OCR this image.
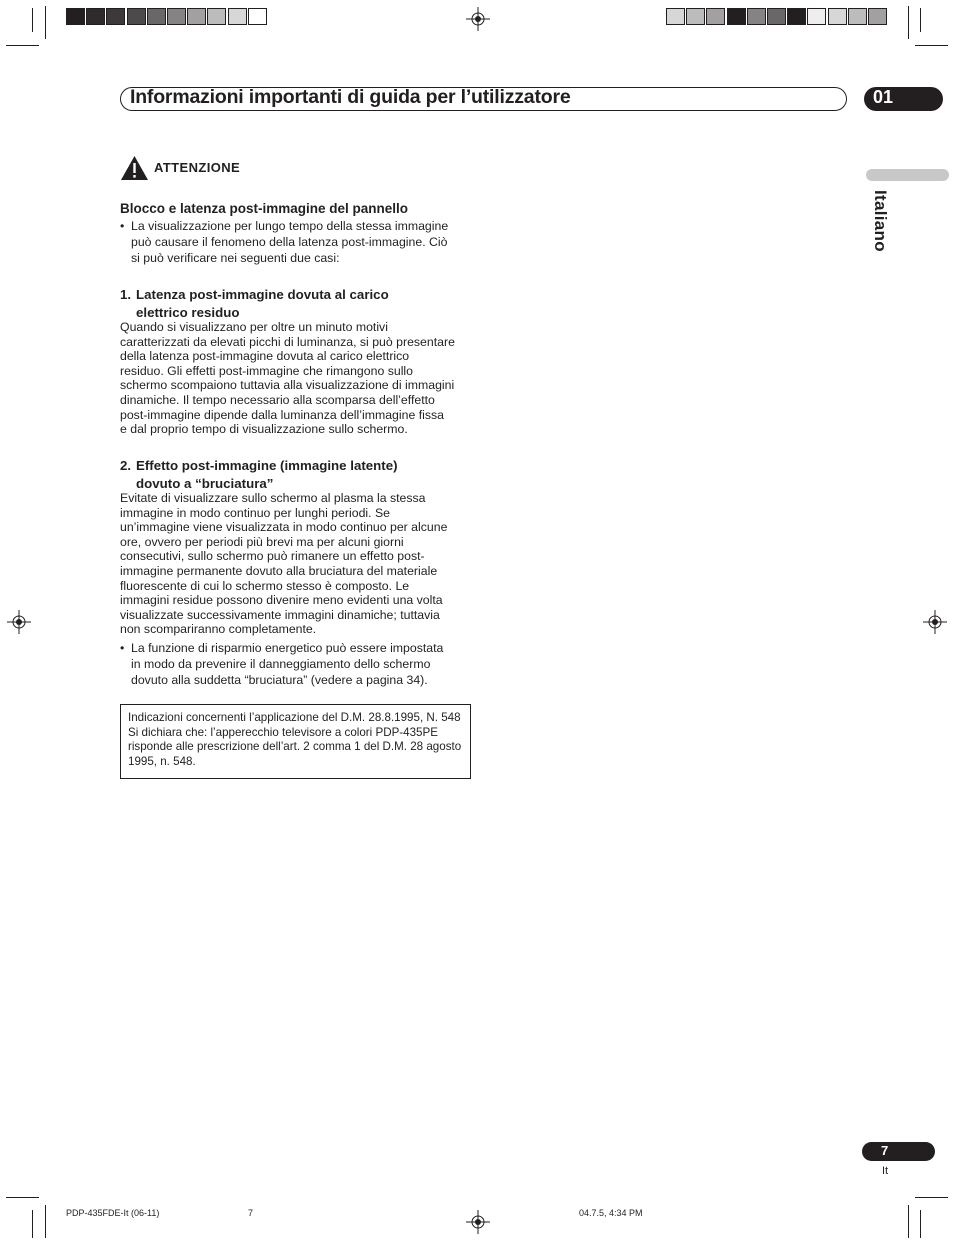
Informazioni importanti di guida per l’utilizzatore	01
Italiano
ATTENZIONE
Blocco e latenza post-immagine del pannello
• La visualizzazione per lungo tempo della stessa immagine
può causare il fenomeno della latenza post-immagine. Ciò
si può verificare nei seguenti due casi:
1. Latenza post-immagine dovuta al carico
elettrico residuo
Quando si visualizzano per oltre un minuto motivi
caratterizzati da elevati picchi di luminanza, si può presentare
della latenza post-immagine dovuta al carico elettrico
residuo. Gli effetti post-immagine che rimangono sullo
schermo scompaiono tuttavia alla visualizzazione di immagini
dinamiche. Il tempo necessario alla scomparsa dell’effetto
post-immagine dipende dalla luminanza dell’immagine fissa
e dal proprio tempo di visualizzazione sullo schermo.
2. Effetto post-immagine (immagine latente)
dovuto a “bruciatura”
Evitate di visualizzare sullo schermo al plasma la stessa
immagine in modo continuo per lunghi periodi. Se
un’immagine viene visualizzata in modo continuo per alcune
ore, ovvero per periodi più brevi ma per alcuni giorni
consecutivi, sullo schermo può rimanere un effetto post-
immagine permanente dovuto alla bruciatura del materiale
fluorescente di cui lo schermo stesso è composto. Le
immagini residue possono divenire meno evidenti una volta
visualizzate successivamente immagini dinamiche; tuttavia
non scompariranno completamente.
• La funzione di risparmio energetico può essere impostata
in modo da prevenire il danneggiamento dello schermo
dovuto alla suddetta “bruciatura” (vedere a pagina 34).
Indicazioni concernenti l’applicazione del D.M. 28.8.1995, N. 548
Si dichiara che: l’apperecchio televisore a colori PDP-435PE
risponde alle prescrizione dell’art. 2 comma 1 del D.M. 28 agosto
1995, n. 548.
7
It
PDP-435FDE-It (06-11)	7	04.7.5, 4:34 PM
